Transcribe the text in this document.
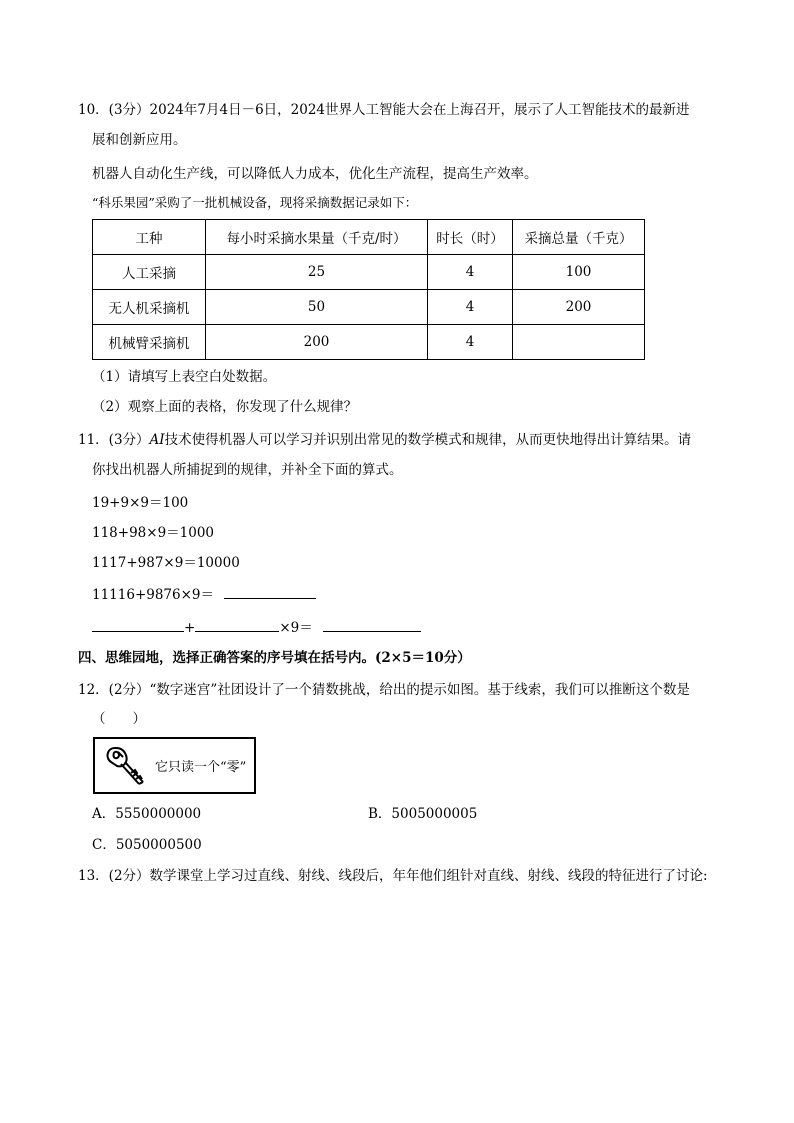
10．(3分）2024年7月4日－6日，2024世界人工智能大会在上海召开，展示了人工智能技术的最新进
展和创新应用。
机器人自动化生产线，可以降低人力成本，优化生产流程，提高生产效率。
“科乐果园”采购了一批机械设备，现将采摘数据记录如下：
工种	每小时采摘水果量（千克/时）	时长（时）	采摘总量（千克）
人工采摘	25	4	100
无人机采摘机	50	4	200
机械臂采摘机	200	4	
（1）请填写上表空白处数据。
（2）观察上面的表格，你发现了什么规律？
11．(3分）AI技术使得机器人可以学习并识别出常见的数学模式和规律，从而更快地得出计算结果。请
你找出机器人所捕捉到的规律，并补全下面的算式。
19+9×9＝100
118+98×9＝1000
1117+987×9＝10000
11116+9876×9＝
+	×9＝
四、思维园地，选择正确答案的序号填在括号内。(2×5＝10分）
12．(2分）“数字迷宫”社团设计了一个猜数挑战，给出的提示如图。基于线索，我们可以推断这个数是
（　　）
它只读一个“零”
A．5550000000	B．5005000005
C．5050000500
13．(2分）数学课堂上学习过直线、射线、线段后，年年他们组针对直线、射线、线段的特征进行了讨论:
